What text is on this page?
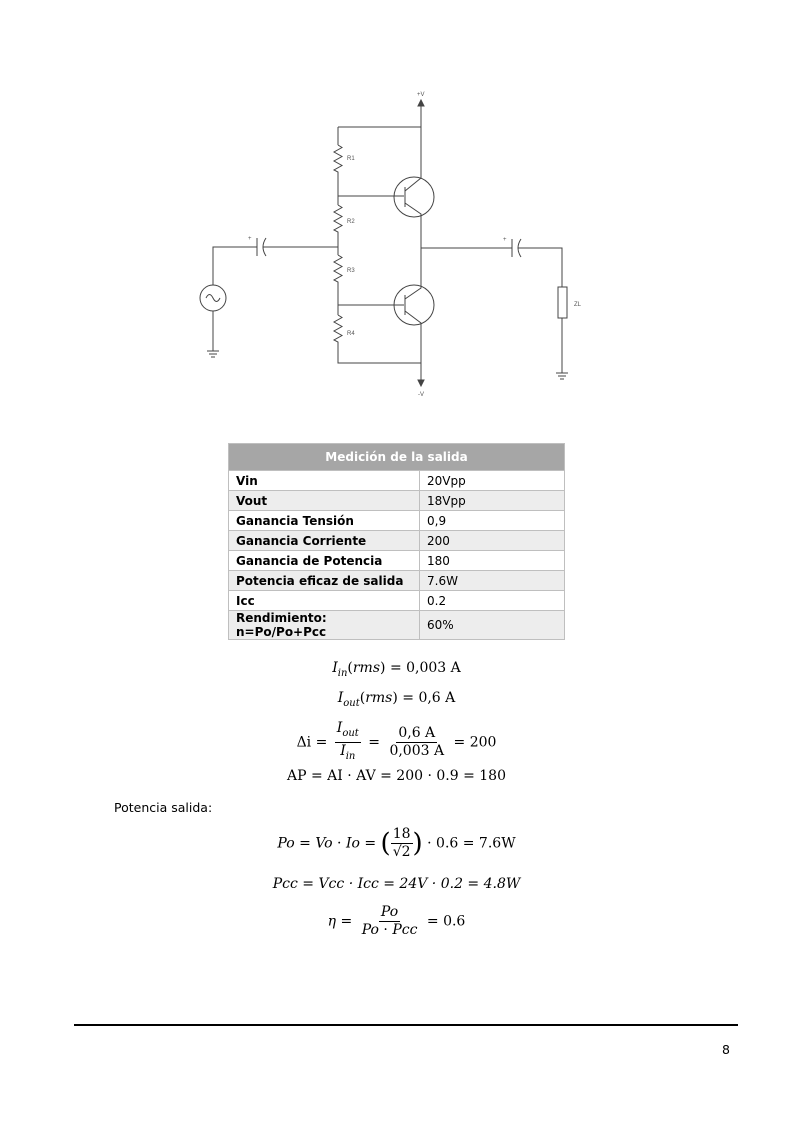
+V
R1
R2
R3
R4
-V
+	+
ZL
Medición de la salida	
Vin	20Vpp
Vout	18Vpp
Ganancia Tensión	0,9
Ganancia Corriente	200
Ganancia de Potencia	180
Potencia eficaz de salida	7.6W
Icc	0.2
Rendimiento: n=Po/Po+Pcc	60%
$I_{in}(rms) = 0,003$ A
$I_{out}(rms) = 0,6$ A
$\Delta i = \frac{I_{out}}{I_{in}} = \frac{0,6 A}{0,003 A} = 200$
AP = AI · AV = 200 · 0.9 = 180
Potencia salida:
Po = Vo · Io = ( $\frac{18}{√2}$ ) · 0.6 = 7.6W
Pcc = Vcc · Icc = 24V · 0.2 = 4.8W
$\eta = \frac{Po}{\text{Po · Pcc}} = 0.6$
8
